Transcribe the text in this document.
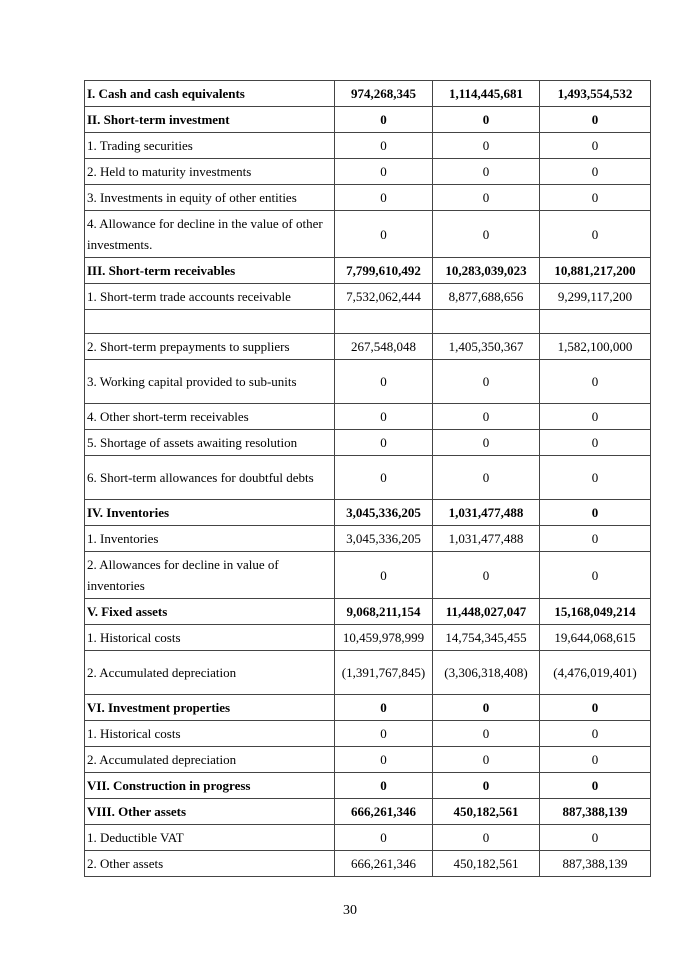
I. Cash and cash equivalents	974,268,345	1,114,445,681	1,493,554,532
II. Short-term investment	0	0	0
1. Trading securities	0	0	0
2. Held to maturity investments	0	0	0
3. Investments in equity of other entities	0	0	0
4. Allowance for decline in the value of other investments.	0	0	0
III. Short-term receivables	7,799,610,492	10,283,039,023	10,881,217,200
1. Short-term trade accounts receivable	7,532,062,444	8,877,688,656	9,299,117,200

2. Short-term prepayments to suppliers	267,548,048	1,405,350,367	1,582,100,000
3. Working capital provided to sub-units	0	0	0
4. Other short-term receivables	0	0	0
5. Shortage of assets awaiting resolution	0	0	0
6. Short-term allowances for doubtful debts	0	0	0
IV. Inventories	3,045,336,205	1,031,477,488	0
1. Inventories	3,045,336,205	1,031,477,488	0
2. Allowances for decline in value of inventories	0	0	0
V. Fixed assets	9,068,211,154	11,448,027,047	15,168,049,214
1. Historical costs	10,459,978,999	14,754,345,455	19,644,068,615
2. Accumulated depreciation	(1,391,767,845)	(3,306,318,408)	(4,476,019,401)
VI. Investment properties	0	0	0
1. Historical costs	0	0	0
2. Accumulated depreciation	0	0	0
VII. Construction in progress	0	0	0
VIII. Other assets	666,261,346	450,182,561	887,388,139
1. Deductible VAT	0	0	0
2. Other assets	666,261,346	450,182,561	887,388,139
30
